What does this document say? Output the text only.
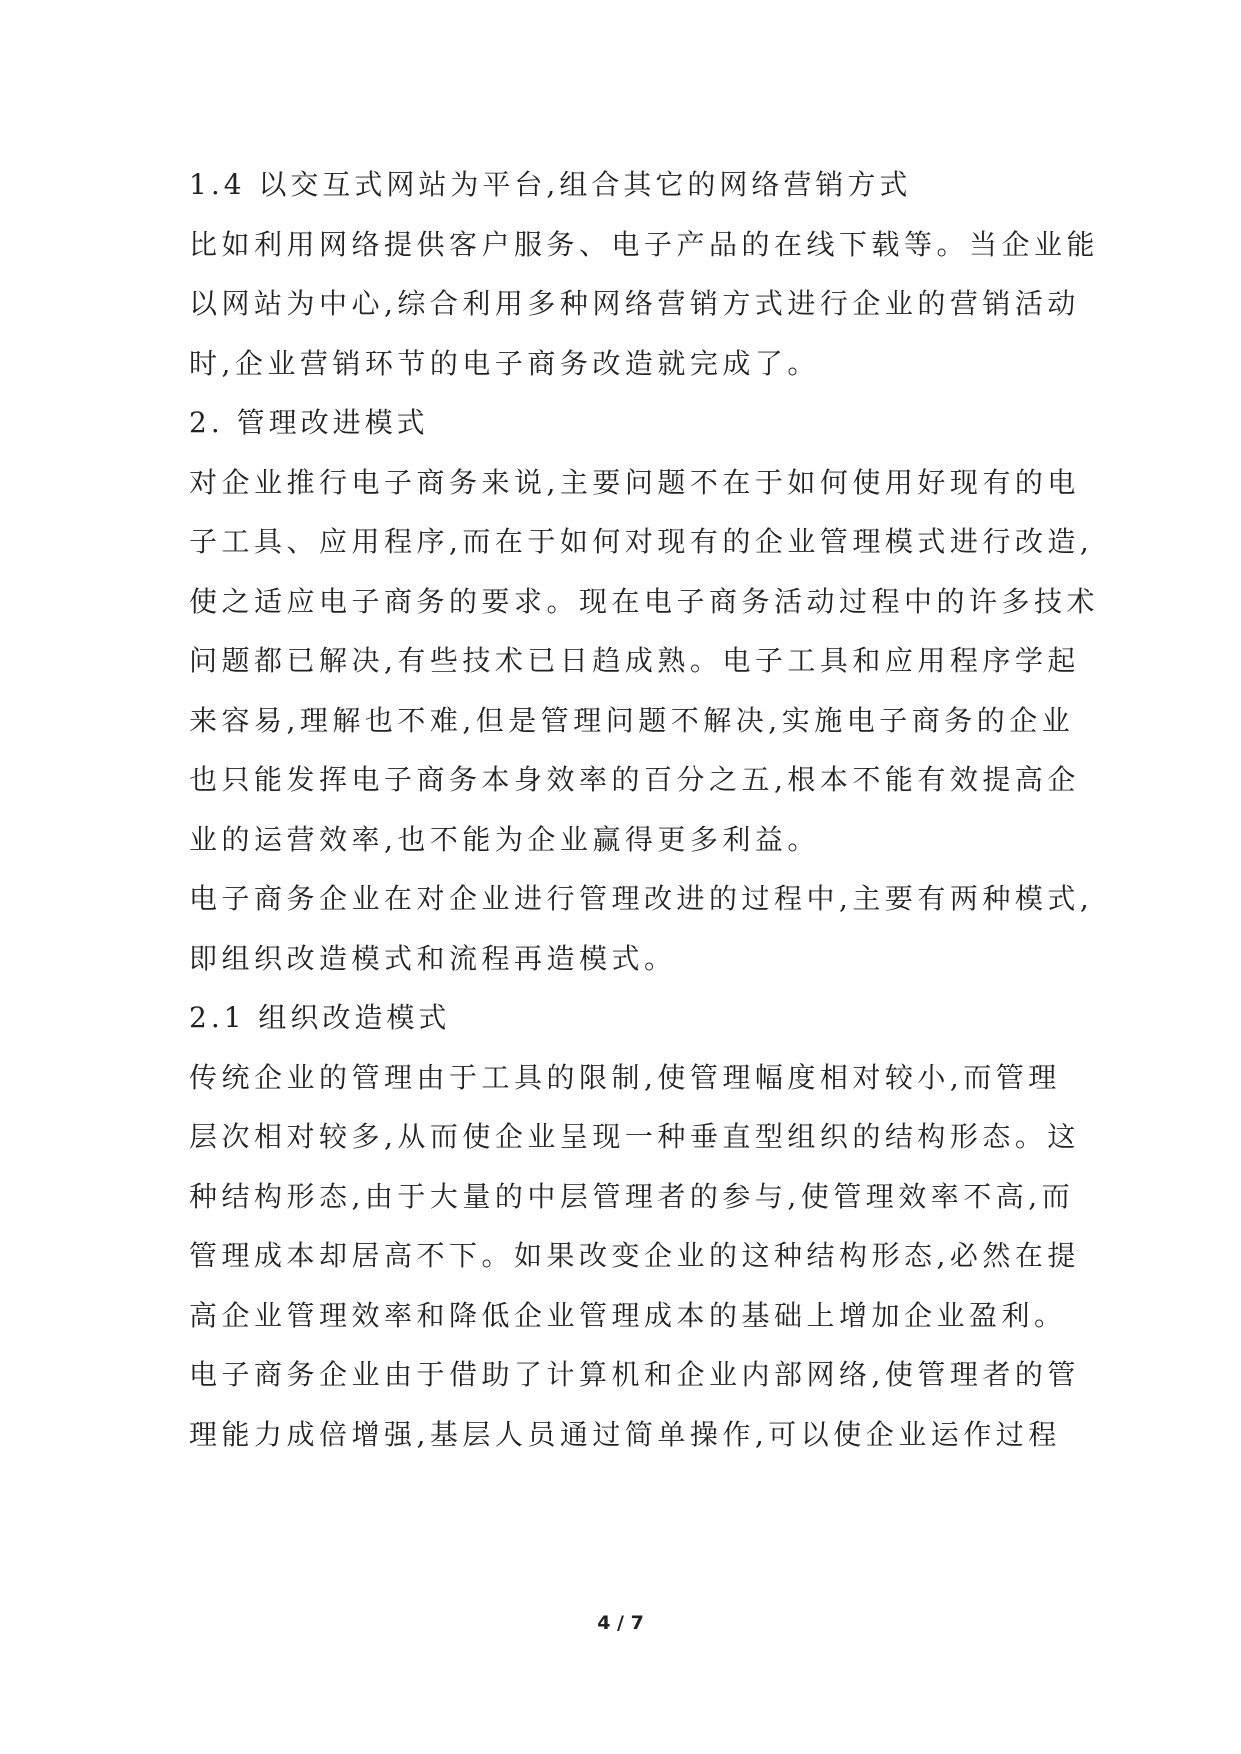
1.4 以交互式网站为平台,组合其它的网络营销方式
比如利用网络提供客户服务、电子产品的在线下载等。当企业能
以网站为中心,综合利用多种网络营销方式进行企业的营销活动
时,企业营销环节的电子商务改造就完成了。
2. 管理改进模式
对企业推行电子商务来说,主要问题不在于如何使用好现有的电
子工具、应用程序,而在于如何对现有的企业管理模式进行改造,
使之适应电子商务的要求。现在电子商务活动过程中的许多技术
问题都已解决,有些技术已日趋成熟。电子工具和应用程序学起
来容易,理解也不难,但是管理问题不解决,实施电子商务的企业
也只能发挥电子商务本身效率的百分之五,根本不能有效提高企
业的运营效率,也不能为企业赢得更多利益。
电子商务企业在对企业进行管理改进的过程中,主要有两种模式,
即组织改造模式和流程再造模式。
2.1 组织改造模式
传统企业的管理由于工具的限制,使管理幅度相对较小,而管理
层次相对较多,从而使企业呈现一种垂直型组织的结构形态。这
种结构形态,由于大量的中层管理者的参与,使管理效率不高,而
管理成本却居高不下。如果改变企业的这种结构形态,必然在提
高企业管理效率和降低企业管理成本的基础上增加企业盈利。
电子商务企业由于借助了计算机和企业内部网络,使管理者的管
理能力成倍增强,基层人员通过简单操作,可以使企业运作过程
4 / 7
